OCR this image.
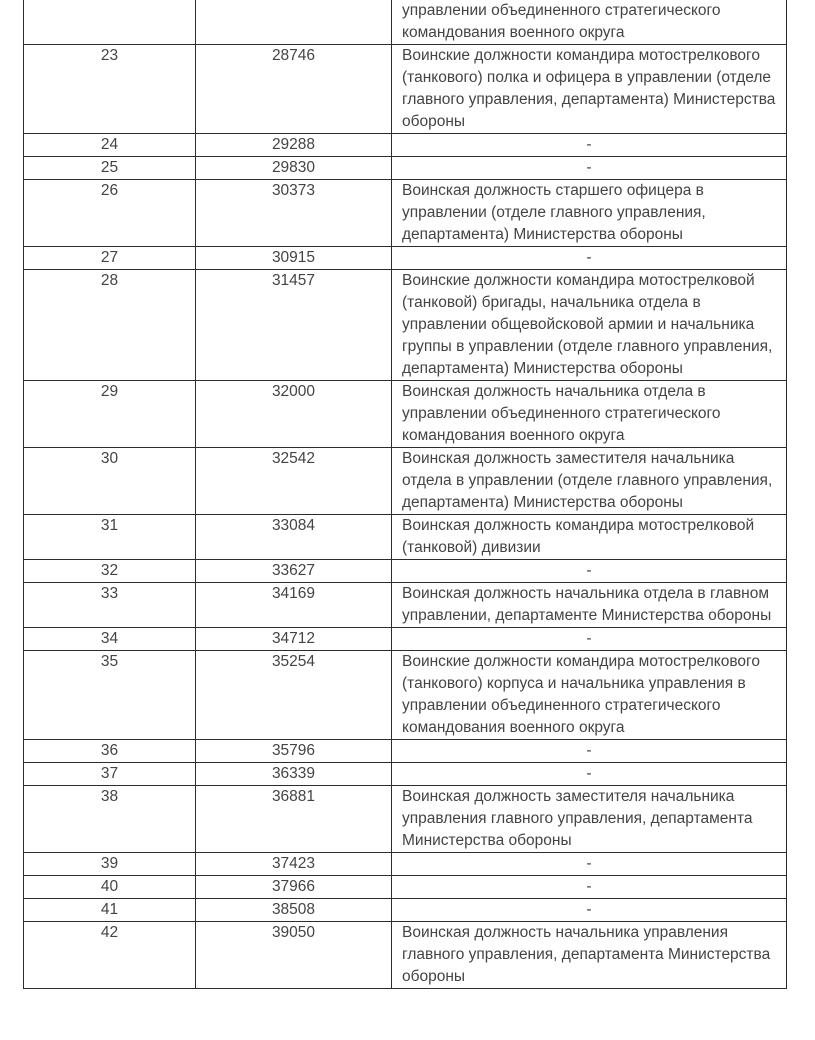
		управлении объединенного стратегического командования военного округа
23	28746	Воинские должности командира мотострелкового (танкового) полка и офицера в управлении (отделе главного управления, департамента) Министерства обороны
24	29288	-
25	29830	-
26	30373	Воинская должность старшего офицера в управлении (отделе главного управления, департамента) Министерства обороны
27	30915	-
28	31457	Воинские должности командира мотострелковой (танковой) бригады, начальника отдела в управлении общевойсковой армии и начальника группы в управлении (отделе главного управления, департамента) Министерства обороны
29	32000	Воинская должность начальника отдела в управлении объединенного стратегического командования военного округа
30	32542	Воинская должность заместителя начальника отдела в управлении (отделе главного управления, департамента) Министерства обороны
31	33084	Воинская должность командира мотострелковой (танковой) дивизии
32	33627	-
33	34169	Воинская должность начальника отдела в главном управлении, департаменте Министерства обороны
34	34712	-
35	35254	Воинские должности командира мотострелкового (танкового) корпуса и начальника управления в управлении объединенного стратегического командования военного округа
36	35796	-
37	36339	-
38	36881	Воинская должность заместителя начальника управления главного управления, департамента Министерства обороны
39	37423	-
40	37966	-
41	38508	-
42	39050	Воинская должность начальника управления главного управления, департамента Министерства обороны
